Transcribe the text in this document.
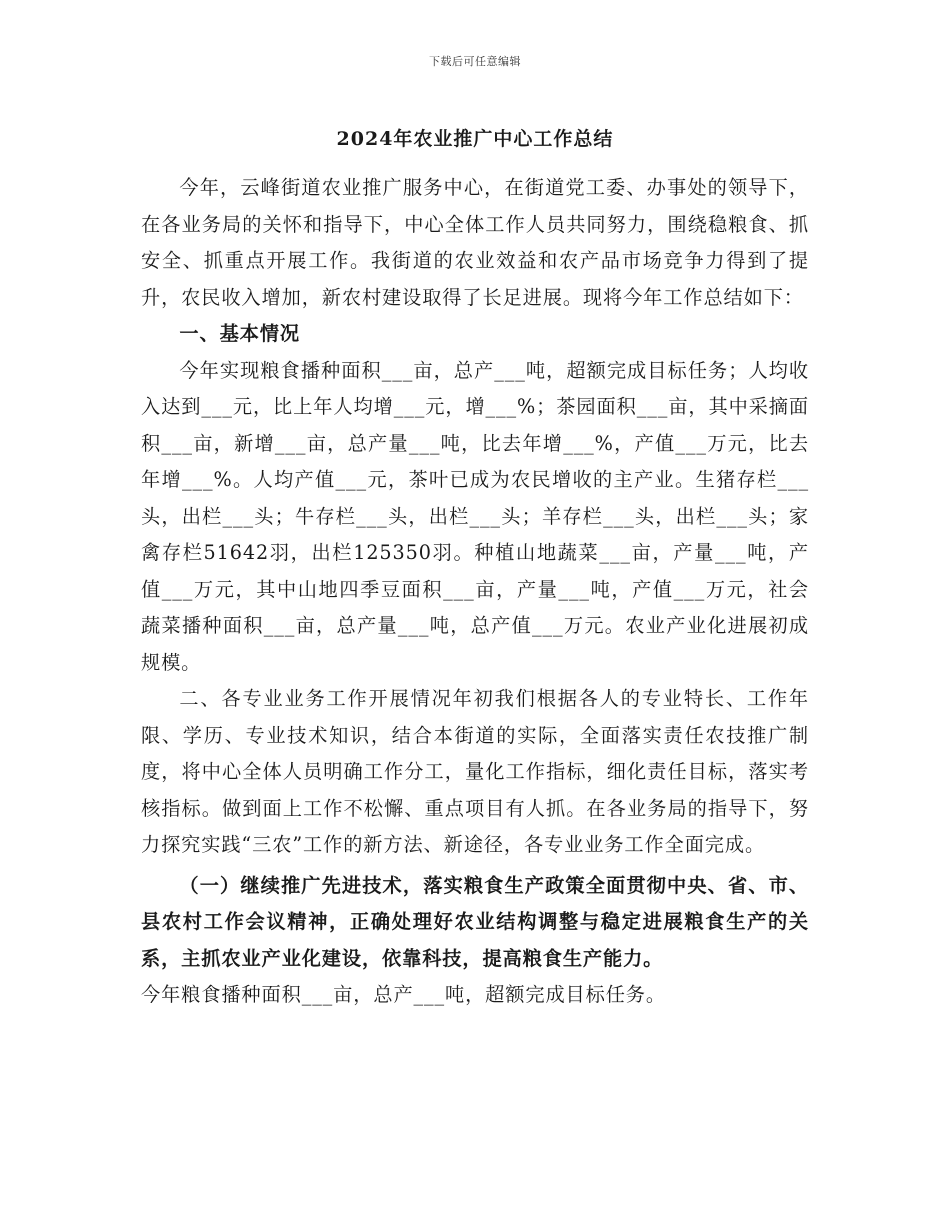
下载后可任意编辑
2024年农业推广中心工作总结

今年，云峰街道农业推广服务中心，在街道党工委、办事处的领导下，在各业务局的关怀和指导下，中心全体工作人员共同努力，围绕稳粮食、抓安全、抓重点开展工作。我街道的农业效益和农产品市场竞争力得到了提升，农民收入增加，新农村建设取得了长足进展。现将今年工作总结如下：

一、基本情况

今年实现粮食播种面积___亩，总产___吨，超额完成目标任务；人均收入达到___元，比上年人均增___元，增___%；茶园面积___亩，其中采摘面积___亩，新增___亩，总产量___吨，比去年增___%，产值___万元，比去年增___%。人均产值___元，茶叶已成为农民增收的主产业。生猪存栏___头，出栏___头；牛存栏___头，出栏___头；羊存栏___头，出栏___头；家禽存栏51642羽，出栏125350羽。种植山地蔬菜___亩，产量___吨，产值___万元，其中山地四季豆面积___亩，产量___吨，产值___万元，社会蔬菜播种面积___亩，总产量___吨，总产值___万元。农业产业化进展初成规模。

二、各专业业务工作开展情况年初我们根据各人的专业特长、工作年限、学历、专业技术知识，结合本街道的实际，全面落实责任农技推广制度，将中心全体人员明确工作分工，量化工作指标，细化责任目标，落实考核指标。做到面上工作不松懈、重点项目有人抓。在各业务局的指导下，努力探究实践“三农”工作的新方法、新途径，各专业业务工作全面完成。

（一）继续推广先进技术，落实粮食生产政策全面贯彻中央、省、市、县农村工作会议精神，正确处理好农业结构调整与稳定进展粮食生产的关系，主抓农业产业化建设，依靠科技，提高粮食生产能力。

今年粮食播种面积___亩，总产___吨，超额完成目标任务。
